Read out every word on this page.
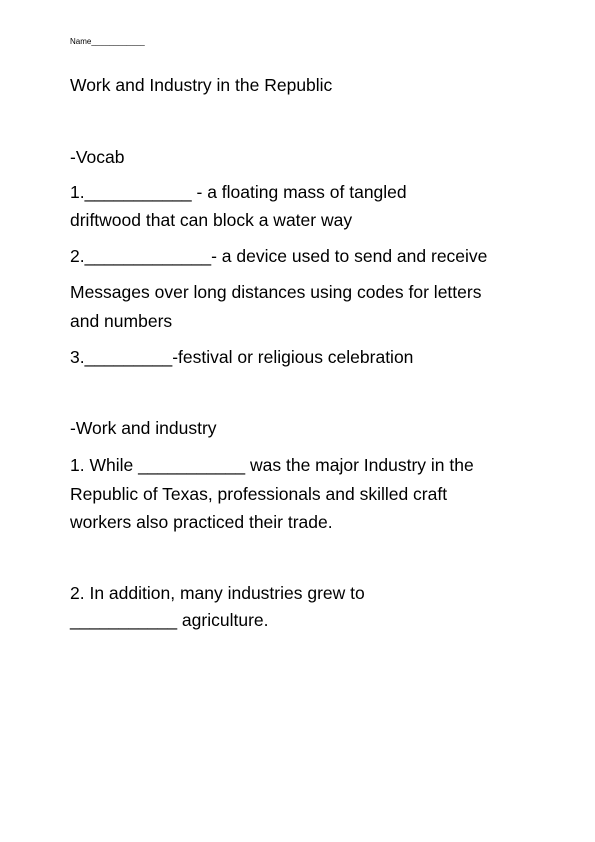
Name____________
Work and Industry in the Republic
-Vocab
1.___________ - a floating mass of tangled
driftwood that can block a water way
2._____________- a device used to send and receive
Messages over long distances using codes for letters
and numbers
3._________-festival or religious celebration
-Work and industry
1. While ___________ was the major Industry in the
Republic of Texas, professionals and skilled craft
workers also practiced their trade.
2. In addition, many industries grew to
___________ agriculture.
